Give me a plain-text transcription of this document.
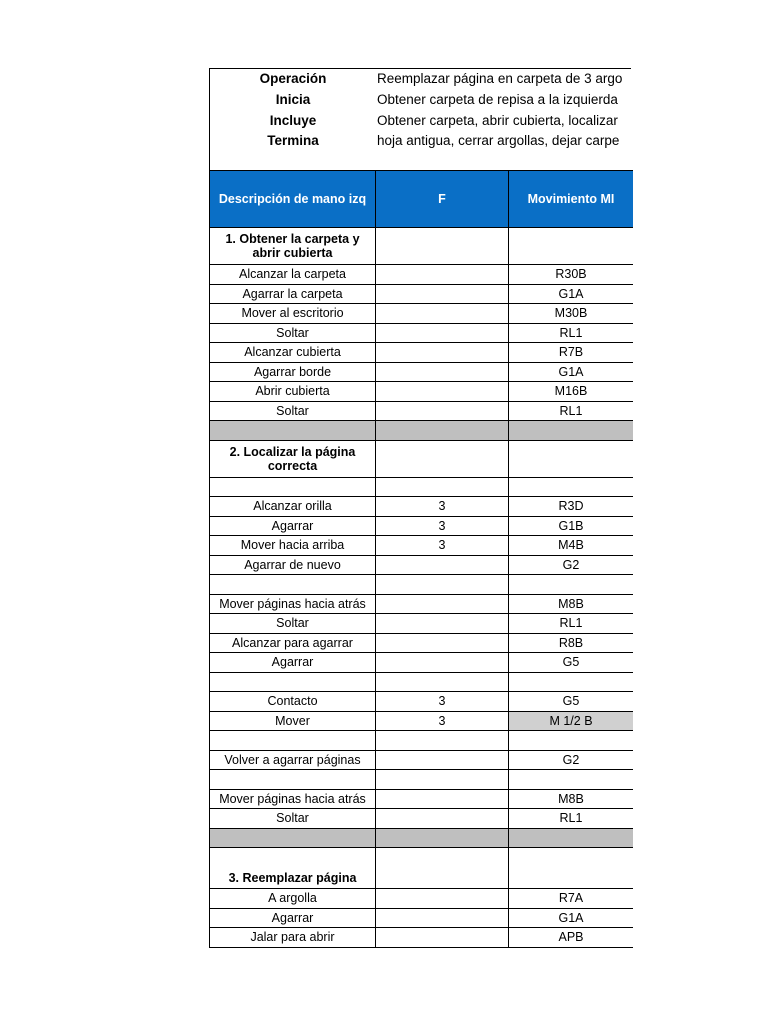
Operación	Reemplazar página en carpeta de 3 argo
Inicia	Obtener carpeta de repisa a la izquierda
Incluye	Obtener carpeta, abrir cubierta, localizar
Termina	hoja antigua, cerrar argollas, dejar carpe
Descripción de mano izq	F	Movimiento MI
1. Obtener la carpeta y abrir cubierta		
Alcanzar la carpeta		R30B
Agarrar la carpeta		G1A
Mover al escritorio		M30B
Soltar		RL1
Alcanzar cubierta		R7B
Agarrar borde		G1A
Abrir cubierta		M16B
Soltar		RL1

2. Localizar la página correcta		

Alcanzar orilla	3	R3D
Agarrar	3	G1B
Mover hacia arriba	3	M4B
Agarrar de nuevo		G2

Mover páginas hacia atrás		M8B
Soltar		RL1
Alcanzar para agarrar		R8B
Agarrar		G5

Contacto	3	G5
Mover	3	M 1/2 B

Volver a agarrar páginas		G2

Mover páginas hacia atrás		M8B
Soltar		RL1

3. Reemplazar página		
A argolla		R7A
Agarrar		G1A
Jalar para abrir		APB
